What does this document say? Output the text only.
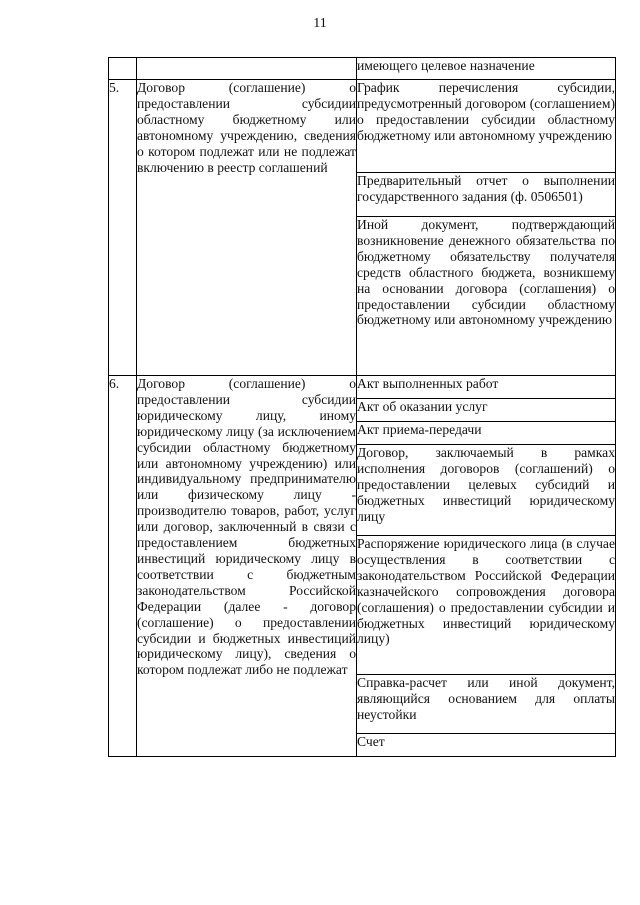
11

		имеющего целевое назначение

5.	Договор (соглашение) о предоставлении субсидии областному бюджетному или автономному учреждению, сведения о котором подлежат или не подлежат включению в реестр соглашений	График перечисления субсидии, предусмотренный договором (соглашением) о предоставлении субсидии областному бюджетному или автономному учреждению

		Предварительный отчет о выполнении государственного задания (ф. 0506501)

		Иной документ, подтверждающий возникновение денежного обязательства по бюджетному обязательству получателя средств областного бюджета, возникшему на основании договора (соглашения) о предоставлении субсидии областному бюджетному или автономному учреждению

6.	Договор (соглашение) о предоставлении субсидии юридическому лицу, иному юридическому лицу (за исключением субсидии областному бюджетному или автономному учреждению) или индивидуальному предпринимателю или физическому лицу - производителю товаров, работ, услуг или договор, заключенный в связи с предоставлением бюджетных инвестиций юридическому лицу в соответствии с бюджетным законодательством Российской Федерации (далее - договор (соглашение) о предоставлении субсидии и бюджетных инвестиций юридическому лицу), сведения о котором подлежат либо не подлежат	Акт выполненных работ

		Акт об оказании услуг

		Акт приема-передачи

		Договор, заключаемый в рамках исполнения договоров (соглашений) о предоставлении целевых субсидий и бюджетных инвестиций юридическому лицу

		Распоряжение юридического лица (в случае осуществления в соответствии с законодательством Российской Федерации казначейского сопровождения договора (соглашения) о предоставлении субсидии и бюджетных инвестиций юридическому лицу)

		Справка-расчет или иной документ, являющийся основанием для оплаты неустойки

		Счет
